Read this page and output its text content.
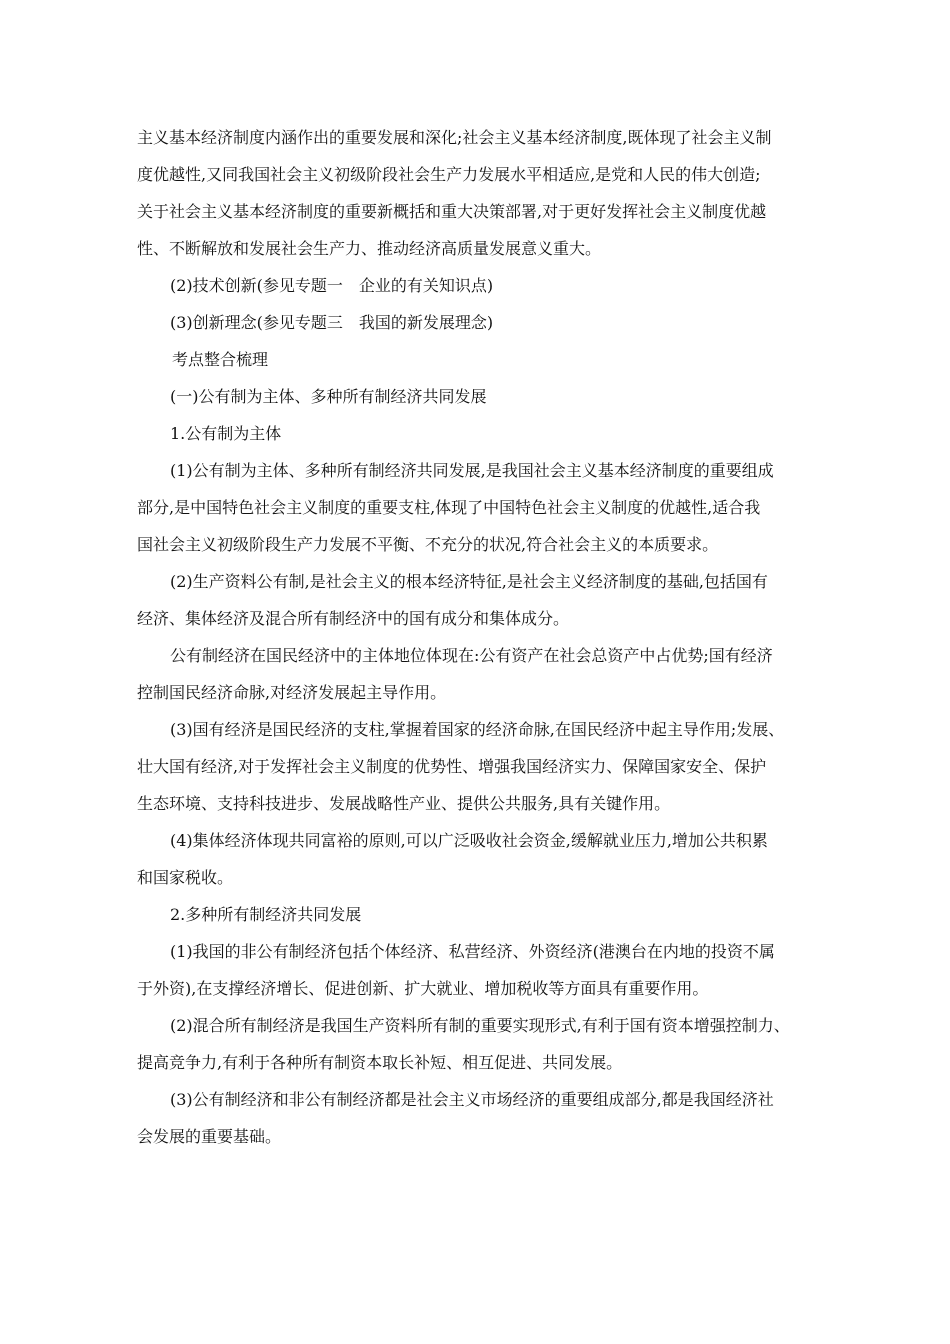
主义基本经济制度内涵作出的重要发展和深化;社会主义基本经济制度,既体现了社会主义制
度优越性,又同我国社会主义初级阶段社会生产力发展水平相适应,是党和人民的伟大创造;
关于社会主义基本经济制度的重要新概括和重大决策部署,对于更好发挥社会主义制度优越
性、不断解放和发展社会生产力、推动经济高质量发展意义重大。
(2)技术创新(参见专题一　企业的有关知识点)
(3)创新理念(参见专题三　我国的新发展理念)
考点整合梳理
(一)公有制为主体、多种所有制经济共同发展
1.公有制为主体
(1)公有制为主体、多种所有制经济共同发展,是我国社会主义基本经济制度的重要组成
部分,是中国特色社会主义制度的重要支柱,体现了中国特色社会主义制度的优越性,适合我
国社会主义初级阶段生产力发展不平衡、不充分的状况,符合社会主义的本质要求。
(2)生产资料公有制,是社会主义的根本经济特征,是社会主义经济制度的基础,包括国有
经济、集体经济及混合所有制经济中的国有成分和集体成分。
公有制经济在国民经济中的主体地位体现在:公有资产在社会总资产中占优势;国有经济
控制国民经济命脉,对经济发展起主导作用。
(3)国有经济是国民经济的支柱,掌握着国家的经济命脉,在国民经济中起主导作用;发展、
壮大国有经济,对于发挥社会主义制度的优势性、增强我国经济实力、保障国家安全、保护
生态环境、支持科技进步、发展战略性产业、提供公共服务,具有关键作用。
(4)集体经济体现共同富裕的原则,可以广泛吸收社会资金,缓解就业压力,增加公共积累
和国家税收。
2.多种所有制经济共同发展
(1)我国的非公有制经济包括个体经济、私营经济、外资经济(港澳台在内地的投资不属
于外资),在支撑经济增长、促进创新、扩大就业、增加税收等方面具有重要作用。
(2)混合所有制经济是我国生产资料所有制的重要实现形式,有利于国有资本增强控制力、
提高竞争力,有利于各种所有制资本取长补短、相互促进、共同发展。
(3)公有制经济和非公有制经济都是社会主义市场经济的重要组成部分,都是我国经济社
会发展的重要基础。
